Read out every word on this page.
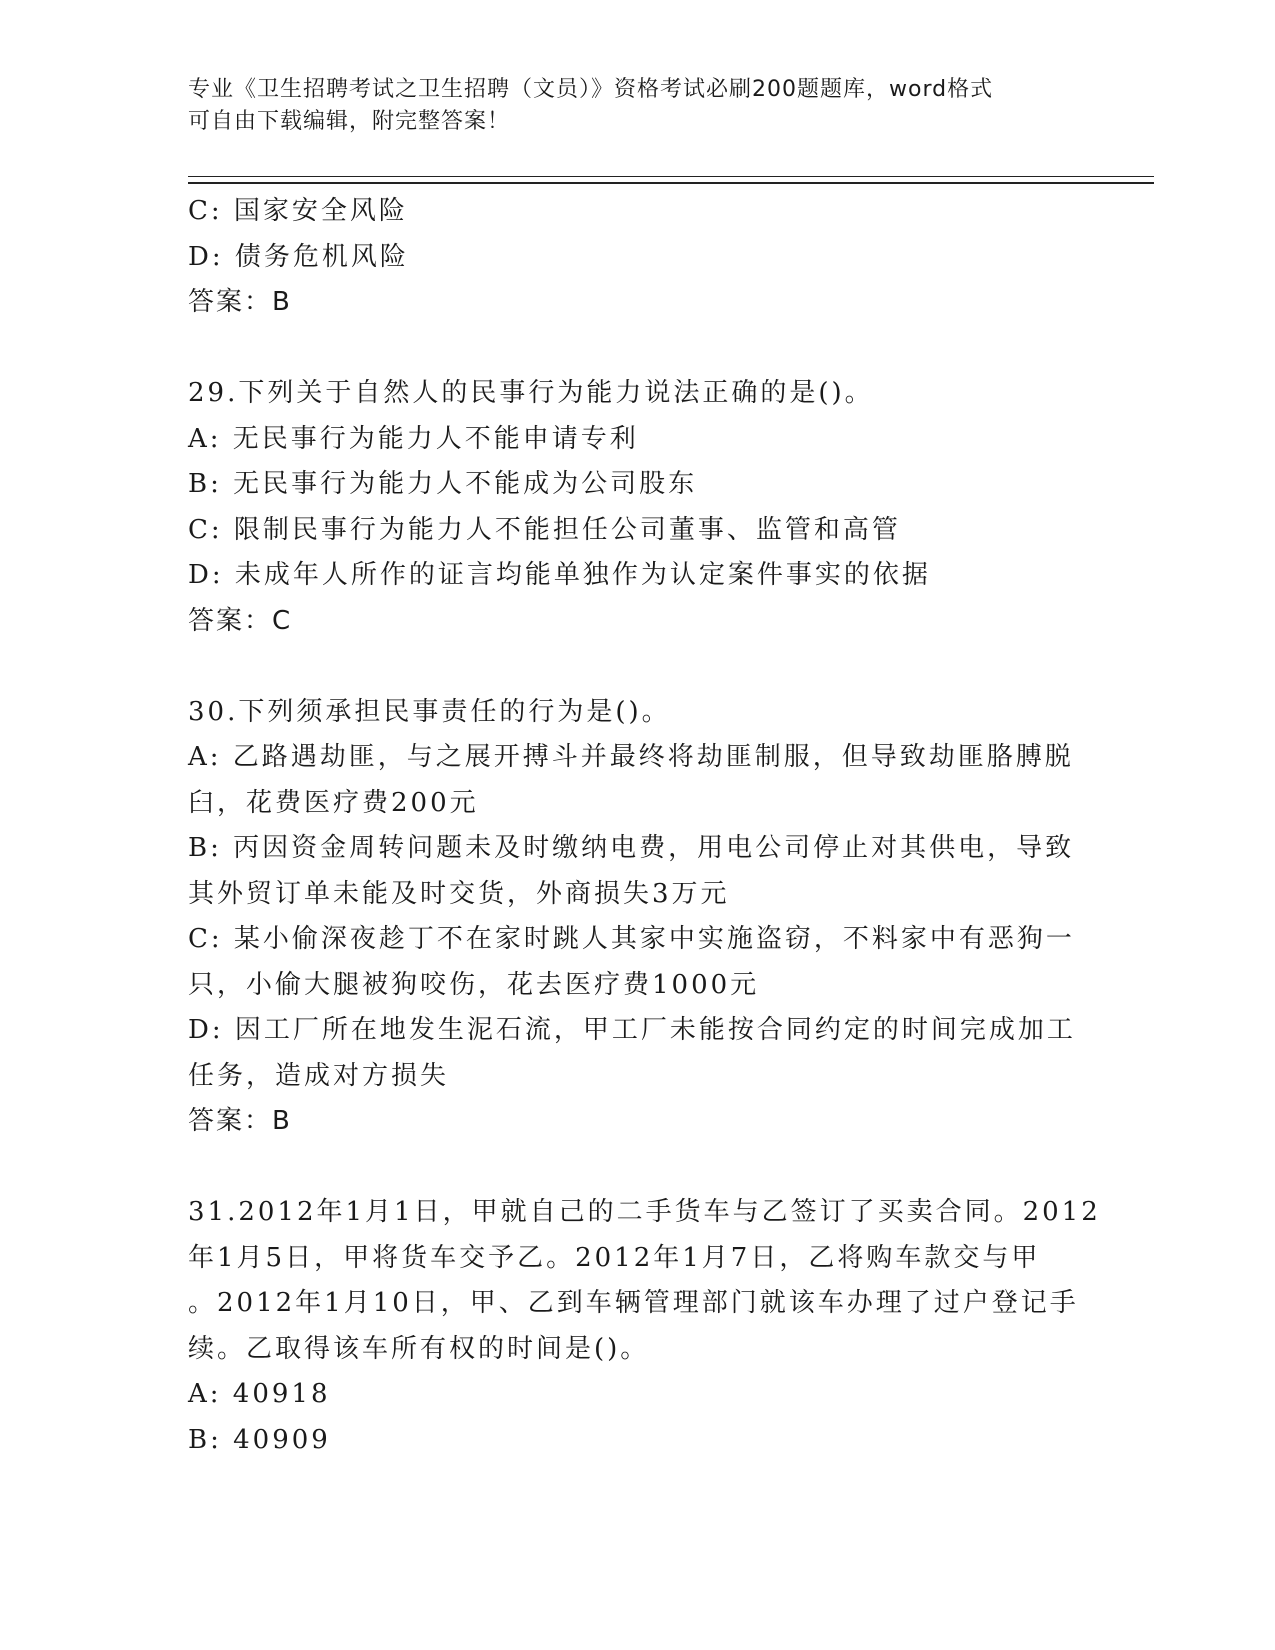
专业《卫生招聘考试之卫生招聘（文员）》资格考试必刷200题题库，word格式
可自由下载编辑，附完整答案！
C: 国家安全风险
D: 债务危机风险
答案：B
29.下列关于自然人的民事行为能力说法正确的是()。
A: 无民事行为能力人不能申请专利
B: 无民事行为能力人不能成为公司股东
C: 限制民事行为能力人不能担任公司董事、监管和高管
D: 未成年人所作的证言均能单独作为认定案件事实的依据
答案：C
30.下列须承担民事责任的行为是()。
A: 乙路遇劫匪，与之展开搏斗并最终将劫匪制服，但导致劫匪胳膊脱
臼，花费医疗费200元
B: 丙因资金周转问题未及时缴纳电费，用电公司停止对其供电，导致
其外贸订单未能及时交货，外商损失3万元
C: 某小偷深夜趁丁不在家时跳人其家中实施盗窃，不料家中有恶狗一
只，小偷大腿被狗咬伤，花去医疗费1000元
D: 因工厂所在地发生泥石流，甲工厂未能按合同约定的时间完成加工
任务，造成对方损失
答案：B
31.2012年1月1日，甲就自己的二手货车与乙签订了买卖合同。2012
年1月5日，甲将货车交予乙。2012年1月7日，乙将购车款交与甲
。2012年1月10日，甲、乙到车辆管理部门就该车办理了过户登记手
续。乙取得该车所有权的时间是()。
A: 40918
B: 40909
